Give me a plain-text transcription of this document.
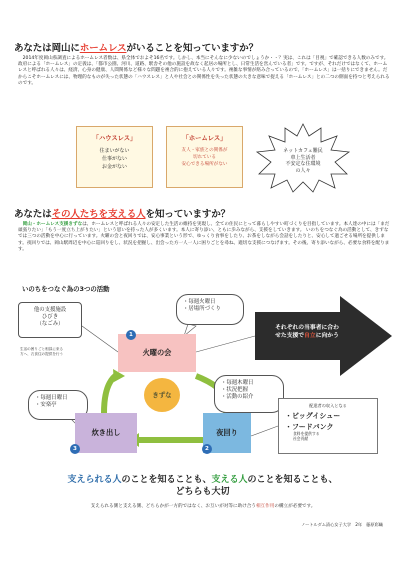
あなたは岡山にホームレスがいることを知っていますか？

2014年度岡山県調査によるホームレス者数は、県全体でおよそ16名です。しかし、本当にそんなに少ないのでしょうか・・？実は、これは「目視」で確認できる人数のみです。 政府による「ホームレス」の定義は、「都市公園、河川、道路、駅舎その他の施設を故なく起居の場所とし、日常生活を営んでいる者」です。ですが、それだけではなくて、ホームレスと呼ばれる人々は、経済、心身の健康、人間関係など様々な問題を複合的に抱えている人々です。複雑な事情が絡み合っているので、「ホームレス」は一括りにできません。だからこそホームレスには、物理的なものが失った状態の「ハウスレス」と人や社会との関係性を失った状態の大きな意味で捉える「ホームレス」との二つの側面を持つと考えられるのです。

「ハウスレス」
住まいがない
仕事がない
お金がない
「ホームレス」
友人・家族との関係が
切れている
安心できる場所がない
ネットカフェ難民
車上生活者
不安定な住環境
の人々
あなたはその人たちを支える人を知っていますか？

岡山・ホームレス支援きずなは、ホームレスと呼ばれる人々の安定した生活の維持を実現し、全ての住民にとって暮らしやすい町づくりを目指しています。本人達の中には「まだ頑張りたい」「もう一度立ち上がりたい」という思いを持った人が多くいます。本人に寄り添い、ともに歩みながら、支援をしていきます。 いのちをつなぐ為の活動として、きずなでは三つの活動を中心に行っています。火曜の会と夜回りでは、安心事業という形で、ゆっくり食事をしたり、お茶をしながら会話をしたりと、安心して過ごせる場所を提供します。夜回りでは、岡山駅周辺を中心に巡回りをし、状況を把握し、出会った方一人一人に困りごとを尋ね、適切な支援につなげます。その後、寄り添いながら、必要な食料を配ります。

いのちをつなぐ為の3つの活動
他の支援施設
ひびき
（なごみ）
生活の困りごと相談に来る
方へ、衣食住の提供を行う
・毎週火曜日
・居場所づくり
・毎週木曜日
・状況把握
・活動の紹介
・毎週日曜日
・安楽亭
火曜の会
夜回り
炊き出し
1
2
3
きずな
それぞれの当事者に合わ
せた支援で自立に向かう
配達者の収入となる
・ビッグイシュー
・フードバンク
食料を提供する
社会貢献
支えられる人のことを知ることも、支える人のことを知ることも、
どちらも大切

支えられる側と支える側、どちらかが一方的ではなく、お互いが対等に助け合う相互作用の構立が必要です。

ノートルダム清心女子大学　2年　藤原彩織
